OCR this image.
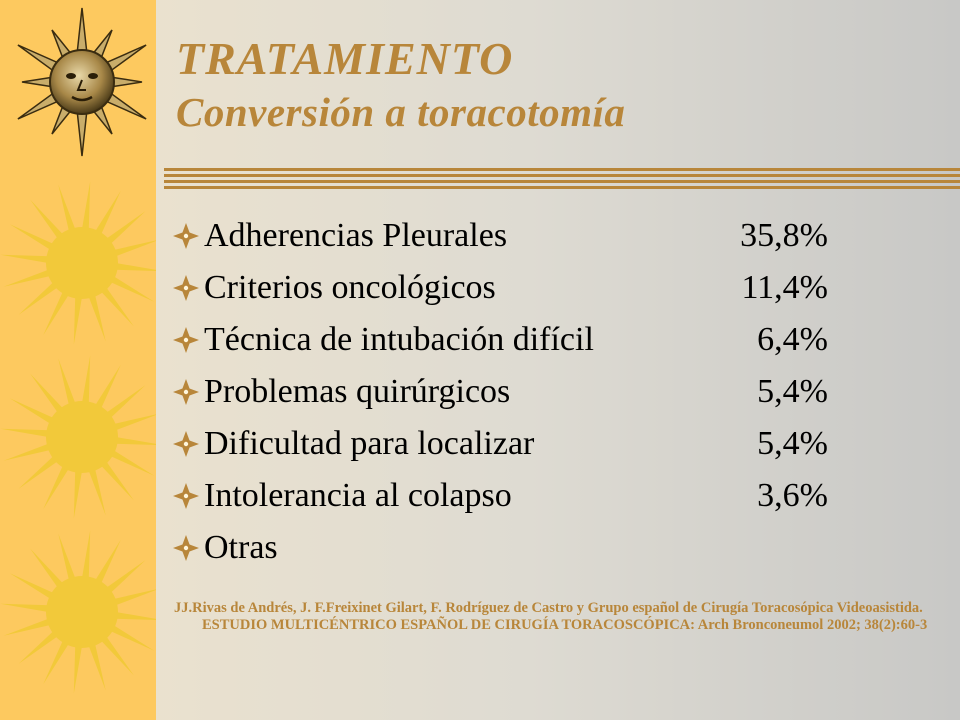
TRATAMIENTO
Conversión a toracotomía
Adherencias Pleurales	35,8%
Criterios oncológicos	11,4%
Técnica de intubación difícil	6,4%
Problemas quirúrgicos	5,4%
Dificultad para localizar	5,4%
Intolerancia al colapso	3,6%
Otras
JJ.Rivas de Andrés, J. F.Freixinet Gilart, F. Rodríguez de Castro y Grupo español de Cirugía Toracosópica Videoasistida. ESTUDIO MULTICÉNTRICO ESPAÑOL DE CIRUGÍA TORACOSCÓPICA: Arch Bronconeumol 2002; 38(2):60-3
